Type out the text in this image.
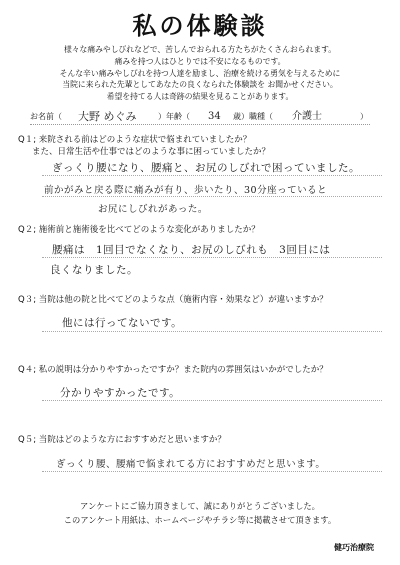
私の体験談
様々な痛みやしびれなどで、苦しんでおられる方たちがたくさんおられます。
痛みを持つ人はひとりでは不安になるものです。
そんな辛い痛みやしびれを持つ人達を励まし、治療を続ける勇気を与えるために
当院に来られた先輩としてあなたの良くなられた体験談を お聞かせください。
希望を持てる人は奇跡の結果を見ることがあります。
お名前（ 大野 めぐみ	）年齢（ 34 歳）職種（ 介護士	）
Q１; 来院される前はどのような症状で悩まれていましたか？
また、日常生活や仕事ではどのような事に困っていましたか？
ぎっくり腰になり、腰痛と、お尻のしびれで困っていました。
前かがみと戻る際に痛みが有り、歩いたり、30分座っていると
お尻にしびれがあった。
Q２; 施術前と施術後を比べてどのような変化がありましたか？
腰痛は　1回目でなくなり、お尻のしびれも　3回目には
良くなりました。
Q３; 当院は他の院と比べてどのような点（施術内容・効果など）が違いますか？
他には行ってないです。
Q４; 私の説明は分かりやすかったですか？また院内の雰囲気はいかがでしたか？
分かりやすかったです。
Q５; 当院はどのような方におすすめだと思いますか？
ぎっくり腰、腰痛で悩まれてる方におすすめだと思います。
アンケートにご協力頂きまして、誠にありがとうございました。
このアンケート用紙は、ホームページやチラシ等に掲載させて頂きます。
健巧治療院
